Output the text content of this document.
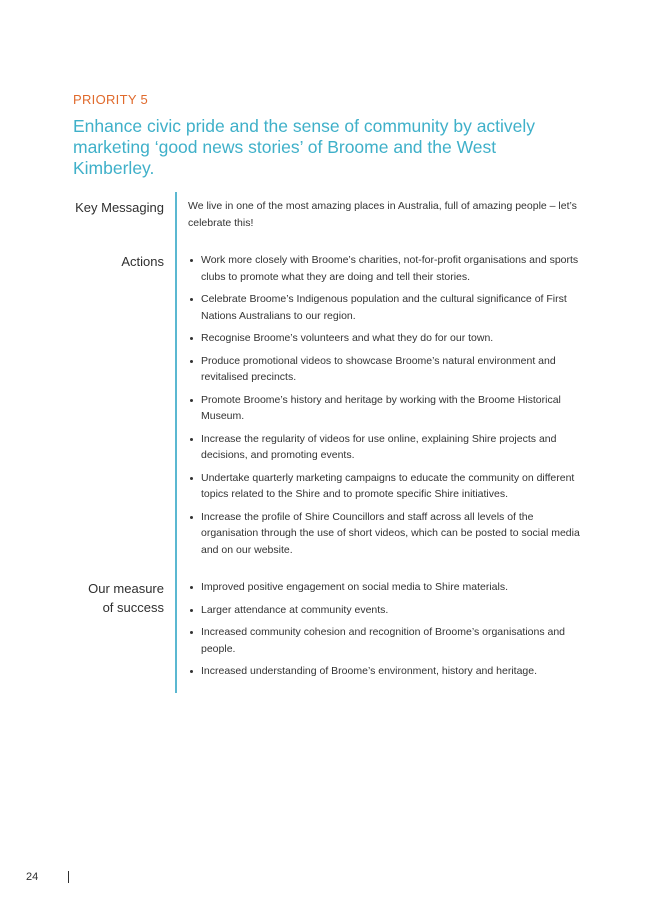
PRIORITY 5
Enhance civic pride and the sense of community by actively marketing ‘good news stories’ of Broome and the West Kimberley.
Key Messaging We live in one of the most amazing places in Australia, full of amazing people – let’s celebrate this!

Actions	Work more closely with Broome’s charities, not-for-profit organisations and sports clubs to promote what they are doing and tell their stories.
Celebrate Broome’s Indigenous population and the cultural significance of First Nations Australians to our region.
Recognise Broome’s volunteers and what they do for our town.
Produce promotional videos to showcase Broome’s natural environment and revitalised precincts.
Promote Broome’s history and heritage by working with the Broome Historical Museum.
Increase the regularity of videos for use online, explaining Shire projects and decisions, and promoting events.
Undertake quarterly marketing campaigns to educate the community on different topics related to the Shire and to promote specific Shire initiatives.
Increase the profile of Shire Councillors and staff across all levels of the organisation through the use of short videos, which can be posted to social media and on our website.
Our measure
of success
Improved positive engagement on social media to Shire materials.
Larger attendance at community events.
Increased community cohesion and recognition of Broome’s organisations and people.
Increased understanding of Broome’s environment, history and heritage.
24
